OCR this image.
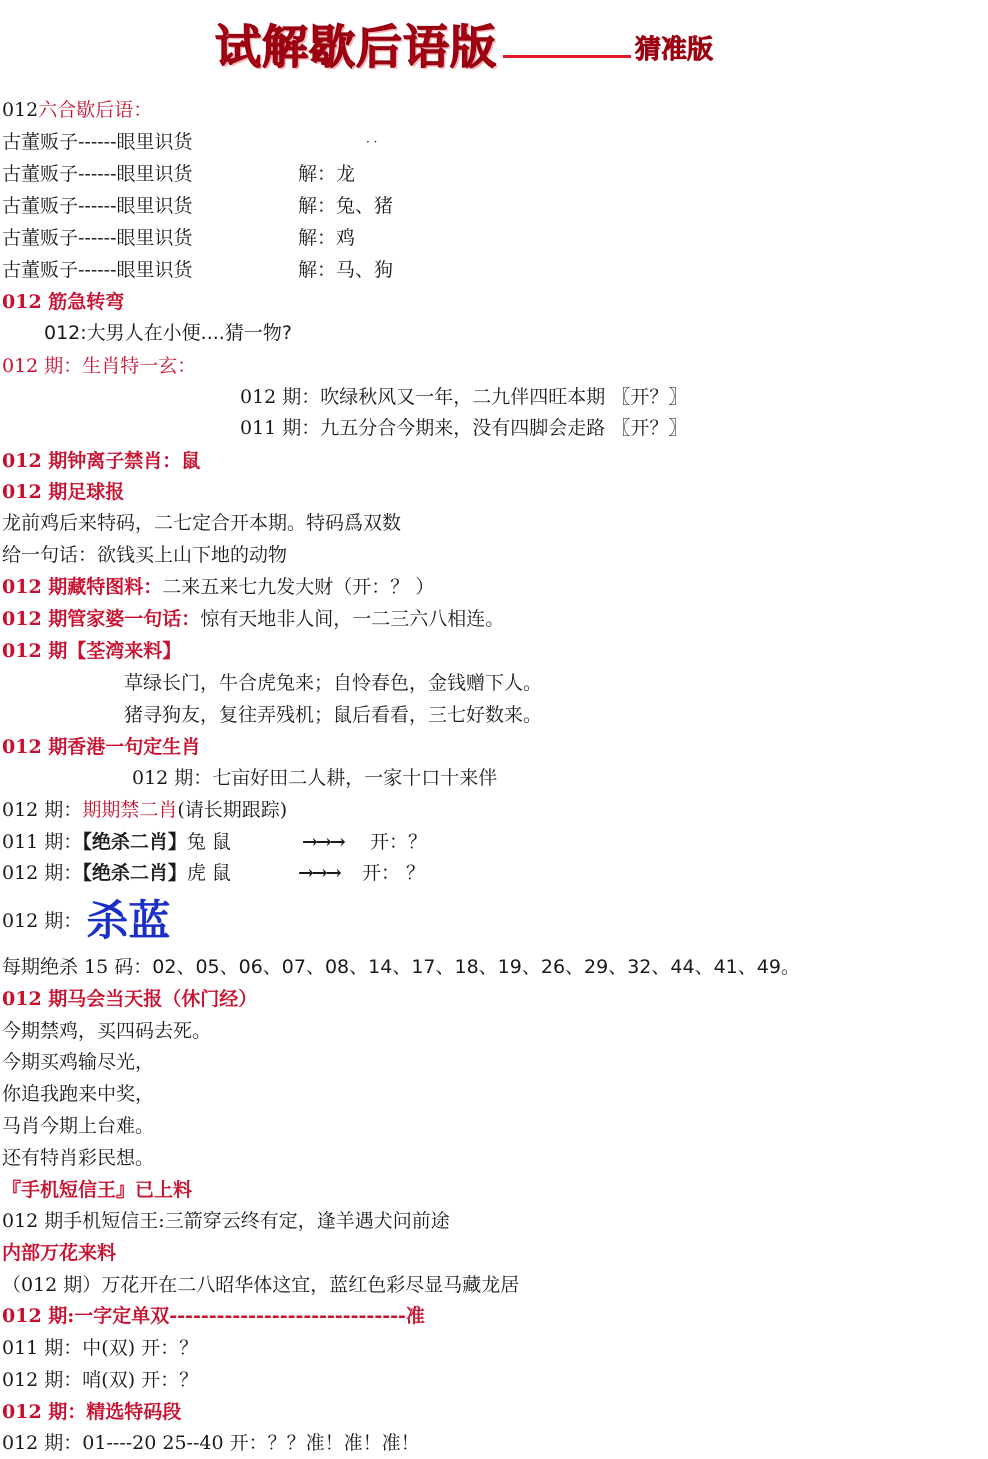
试解歇后语版	猜准版
012六合歇后语：
古董贩子------眼里识货	· ·
古董贩子------眼里识货	解：龙
古董贩子------眼里识货	解：兔、猪
古董贩子------眼里识货	解：鸡
古董贩子------眼里识货	解：马、狗
012 筋急转弯
012:大男人在小便....猜一物?
012 期：生肖特一玄：
012 期：吹绿秋风又一年，二九伴四旺本期 〖开？〗
011 期：九五分合今期来，没有四脚会走路 〖开？〗
012 期钟离子禁肖：鼠
012 期足球报
龙前鸡后来特码，二七定合开本期。特码爲双数
给一句话：欲钱买上山下地的动物
012 期藏特图料：二来五来七九发大财（开：？ ）
012 期管家婆一句话：惊有天地非人间，一二三六八相连。
012 期【荃湾来料】
草绿长门，牛合虎兔来；自怜春色，金钱赠下人。
猪寻狗友，复往弄残机；鼠后看看，三七好数来。
012 期香港一句定生肖
012 期：七亩好田二人耕，一家十口十来伴
012 期：期期禁二肖(请长期跟踪)
011 期：【绝杀二肖】兔 鼠	→→→ 开：？
012 期：【绝杀二肖】虎 鼠	→→→ 开： ？
012 期： 杀蓝
每期绝杀 15 码：02、05、06、07、08、14、17、18、19、26、29、32、44、41、49。
012 期马会当天报（休门经）
今期禁鸡，买四码去死。
今期买鸡输尽光，
你追我跑来中奖，
马肖今期上台难。
还有特肖彩民想。
『手机短信王』已上料
012 期手机短信王:三箭穿云终有定，逢羊遇犬问前途
内部万花来料
（012 期）万花开在二八昭华体这宜，蓝红色彩尽显马藏龙居
012 期:一字定单双------------------------------准
011 期：中(双) 开：？
012 期：哨(双) 开：？
012 期：精选特码段
012 期：01----20 25--40 开：？？准！准！准！
